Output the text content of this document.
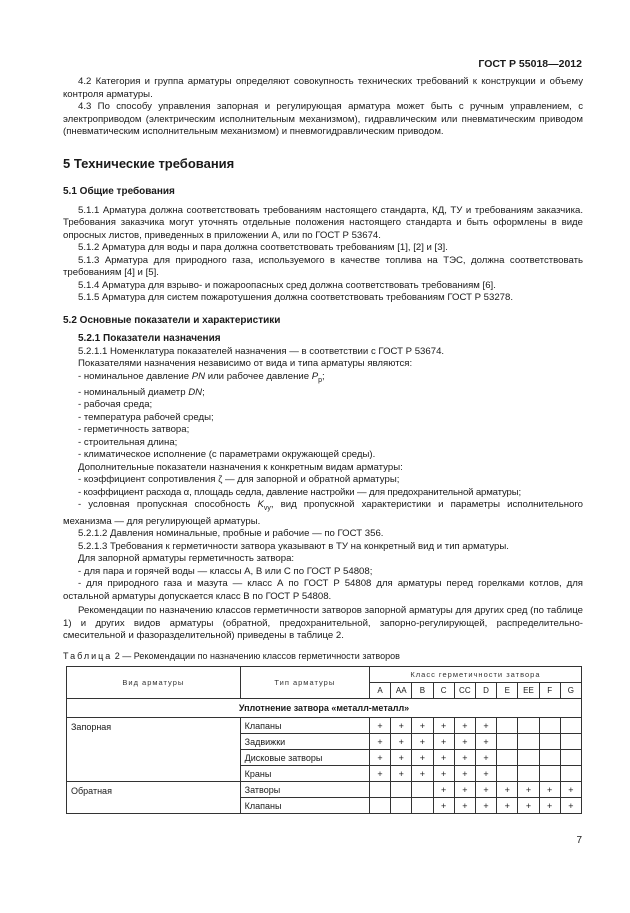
ГОСТ Р 55018—2012

4.2 Категория и группа арматуры определяют совокупность технических требований к конструкции и объему контроля арматуры.

4.3 По способу управления запорная и регулирующая арматура может быть с ручным управлением, с электроприводом (электрическим исполнительным механизмом), гидравлическим или пневматическим приводом (пневматическим исполнительным механизмом) и пневмогидравлическим приводом.

5 Технические требования
5.1 Общие требования

5.1.1 Арматура должна соответствовать требованиям настоящего стандарта, КД, ТУ и требованиям заказчика. Требования заказчика могут уточнять отдельные положения настоящего стандарта и быть оформлены в виде опросных листов, приведенных в приложении А, или по ГОСТ Р 53674.

5.1.2 Арматура для воды и пара должна соответствовать требованиям [1], [2] и [3].

5.1.3 Арматура для природного газа, используемого в качестве топлива на ТЭС, должна соответствовать требованиям [4] и [5].

5.1.4 Арматура для взрыво- и пожароопасных сред должна соответствовать требованиям [6].

5.1.5 Арматура для систем пожаротушения должна соответствовать требованиям ГОСТ Р 53278.

5.2 Основные показатели и характеристики
5.2.1 Показатели назначения

5.2.1.1 Номенклатура показателей назначения — в соответствии с ГОСТ Р 53674.

Показателями назначения независимо от вида и типа арматуры являются:

- номинальное давление PN или рабочее давление $P_р$;

- номинальный диаметр DN;

- рабочая среда;

- температура рабочей среды;

- герметичность затвора;

- строительная длина;

- климатическое исполнение (с параметрами окружающей среды).

Дополнительные показатели назначения к конкретным видам арматуры:

- коэффициент сопротивления ζ — для запорной и обратной арматуры;

- коэффициент расхода α, площадь седла, давление настройки — для предохранительной арматуры;

- условная пропускная способность $K_{vy}$, вид пропускной характеристики и параметры исполнительного механизма — для регулирующей арматуры.

5.2.1.2 Давления номинальные, пробные и рабочие — по ГОСТ 356.

5.2.1.3 Требования к герметичности затвора указывают в ТУ на конкретный вид и тип арматуры.

Для запорной арматуры герметичность затвора:

- для пара и горячей воды — классы А, В или С по ГОСТ Р 54808;

- для природного газа и мазута — класс А по ГОСТ Р 54808 для арматуры перед горелками котлов, для остальной арматуры допускается класс В по ГОСТ Р 54808.

Рекомендации по назначению классов герметичности затворов запорной арматуры для других сред (по таблице 1) и других видов арматуры (обратной, предохранительной, запорно-регулирующей, распределительно-смесительной и фазоразделительной) приведены в таблице 2.

Таблица 2 — Рекомендации по назначению классов герметичности затворов
Вид арматуры	Тип арматуры	Класс герметичности затвора									
		A	AA	B	C	CC	D	E	EE	F	G
Уплотнение затвора «металл-металл»											
Запорная	Клапаны	+	+	+	+	+	+				
	Задвижки	+	+	+	+	+	+				
	Дисковые затворы	+	+	+	+	+	+				
	Краны	+	+	+	+	+	+				
Обратная	Затворы				+	+	+	+	+	+	+
	Клапаны				+	+	+	+	+	+	+
7
